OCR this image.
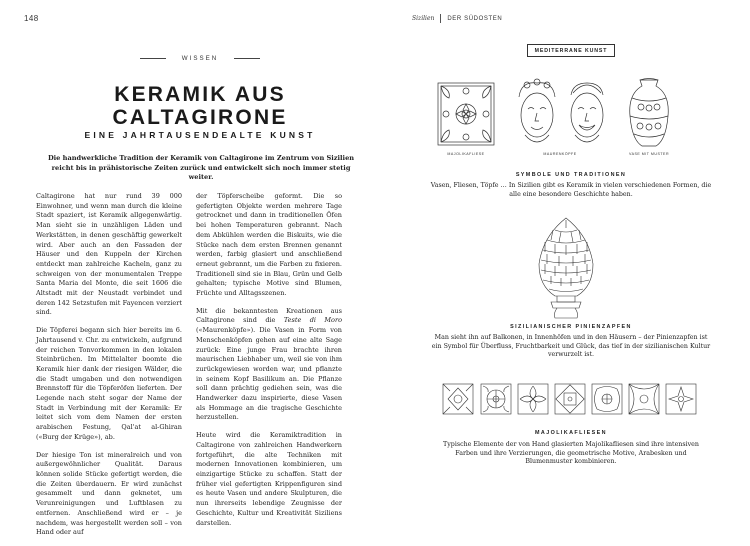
148	Sizilien DER SÜDOSTEN
WISSEN
KERAMIK AUS
CALTAGIRONE
EINE JAHRTAUSENDEALTE KUNST
Die handwerkliche Tradition der Keramik von Caltagirone im Zentrum von Sizilien reicht bis in prähistorische Zeiten zurück und entwickelt sich noch immer stetig weiter.

Caltagirone hat nur rund 39 000 Einwohner, und wenn man durch die kleine Stadt spaziert, ist Keramik allgegenwärtig. Man sieht sie in unzähligen Läden und Werkstätten, in denen geschäftig gewerkelt wird. Aber auch an den Fassaden der Häuser und den Kuppeln der Kirchen entdeckt man zahlreiche Kacheln, ganz zu schweigen von der monumentalen Treppe Santa Maria del Monte, die seit 1606 die Altstadt mit der Neustadt verbindet und deren 142 Setzstufen mit Fayencen verziert sind.

Die Töpferei begann sich hier bereits im 6. Jahrtausend v. Chr. zu entwickeln, aufgrund der reichen Tonvorkommen in den lokalen Steinbrüchen. Im Mittelalter boomte die Keramik hier dank der riesigen Wälder, die die Stadt umgaben und den notwendigen Brennstoff für die Töpferöfen lieferten. Der Legende nach steht sogar der Name der Stadt in Verbindung mit der Keramik: Er leitet sich vom dem Namen der ersten arabischen Festung, Qal'at al-Ghiran («Burg der Krüge»), ab.

Der hiesige Ton ist mineralreich und von außergewöhnlicher Qualität. Daraus können solide Stücke gefertigt werden, die die Zeiten überdauern. Er wird zunächst gesammelt und dann geknetet, um Verunreinigungen und Luftblasen zu entfernen. Anschließend wird er – je nachdem, was hergestellt werden soll – von Hand oder auf

der Töpferscheibe geformt. Die so gefertigten Objekte werden mehrere Tage getrocknet und dann in traditionellen Öfen bei hohen Temperaturen gebrannt. Nach dem Abkühlen werden die Biskuits, wie die Stücke nach dem ersten Brennen genannt werden, farbig glasiert und anschließend erneut gebrannt, um die Farben zu fixieren. Traditionell sind sie in Blau, Grün und Gelb gehalten; typische Motive sind Blumen, Früchte und Alltagsszenen.

Mit die bekanntesten Kreationen aus Caltagirone sind die Teste di Moro («Maurenköpfe»). Die Vasen in Form von Menschenköpfen gehen auf eine alte Sage zurück: Eine junge Frau brachte ihren maurischen Liebhaber um, weil sie von ihm zurückgewiesen worden war, und pflanzte in seinem Kopf Basilikum an. Die Pflanze soll dann prächtig gediehen sein, was die Handwerker dazu inspirierte, diese Vasen als Hommage an die tragische Geschichte herzustellen.

Heute wird die Keramiktradition in Caltagirone von zahlreichen Handwerkern fortgeführt, die alte Techniken mit modernen Innovationen kombinieren, um einzigartige Stücke zu schaffen. Statt der früher viel gefertigten Krippenfiguren sind es heute Vasen und andere Skulpturen, die nun ihrerseits lebendige Zeugnisse der Geschichte, Kultur und Kreativität Siziliens darstellen.

MEDITERRANE KUNST
MAJOLIKAFLIESE	MAURENKÖPFE	VASE MIT MUSTER
SYMBOLE UND TRADITIONEN
Vasen, Fliesen, Töpfe … In Sizilien gibt es Keramik in vielen verschiedenen Formen, die alle eine besondere Geschichte haben.
SIZILIANISCHER PINIENZAPFEN
Man sieht ihn auf Balkonen, in Innenhöfen und in den Häusern – der Pinienzapfen ist ein Symbol für Überfluss, Fruchtbarkeit und Glück, das tief in der sizilianischen Kultur verwurzelt ist.
MAJOLIKAFLIESEN
Typische Elemente der von Hand glasierten Majolikafliesen sind ihre intensiven Farben und ihre Verzierungen, die geometrische Motive, Arabesken und Blumenmuster kombinieren.
